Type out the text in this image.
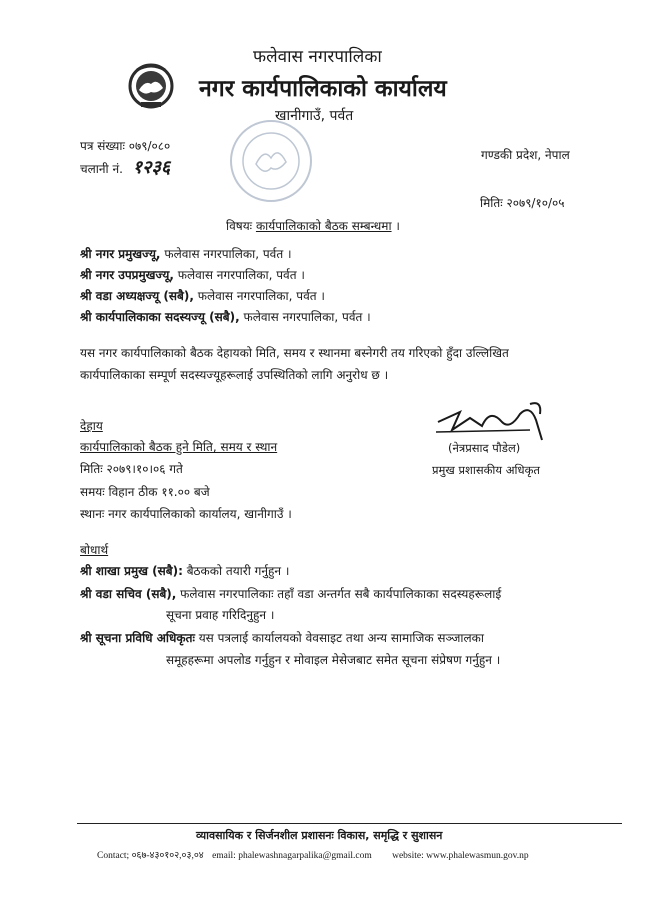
फलेवास नगरपालिका
नगर कार्यपालिकाको कार्यालय
खानीगाउँ, पर्वत
पत्र संख्याः ०७९/०८०
चलानी नं. १२३६
गण्डकी प्रदेश, नेपाल
मितिः २०७९/१०/०५
विषयः कार्यपालिकाको बैठक सम्बन्धमा ।
श्री नगर प्रमुखज्यू, फलेवास नगरपालिका, पर्वत ।
श्री नगर उपप्रमुखज्यू, फलेवास नगरपालिका, पर्वत ।
श्री वडा अध्यक्षज्यू (सबै), फलेवास नगरपालिका, पर्वत ।
श्री कार्यपालिकाका सदस्यज्यू (सबै), फलेवास नगरपालिका, पर्वत ।
यस नगर कार्यपालिकाको बैठक देहायको मिति, समय र स्थानमा बस्नेगरी तय गरिएको हुँदा उल्लिखित
कार्यपालिकाका सम्पूर्ण सदस्यज्यूहरूलाई उपस्थितिको लागि अनुरोध छ ।
(नेत्रप्रसाद पौडेल)
प्रमुख प्रशासकीय अधिकृत
देहाय
कार्यपालिकाको बैठक हुने मिति, समय र स्थान
मितिः २०७९।१०।०६ गते
समयः विहान ठीक ११.०० बजे
स्थानः नगर कार्यपालिकाको कार्यालय, खानीगाउँ ।
बोधार्थ
श्री शाखा प्रमुख (सबै): बैठकको तयारी गर्नुहुन ।
श्री वडा सचिव (सबै), फलेवास नगरपालिकाः तहाँ वडा अन्तर्गत सबै कार्यपालिकाका सदस्यहरूलाई
सूचना प्रवाह गरिदिनुहुन ।
श्री सूचना प्रविधि अधिकृतः यस पत्रलाई कार्यालयको वेवसाइट तथा अन्य सामाजिक सञ्जालका
समूहहरूमा अपलोड गर्नुहुन र मोवाइल मेसेजबाट समेत सूचना संप्रेषण गर्नुहुन ।
व्यावसायिक र सिर्जनशील प्रशासनः विकास, समृद्धि र सुशासन
Contact; ०६७-४३०१०२,०३,०४ email: phalewashnagarpalika@gmail.com website: www.phalewasmun.gov.np
